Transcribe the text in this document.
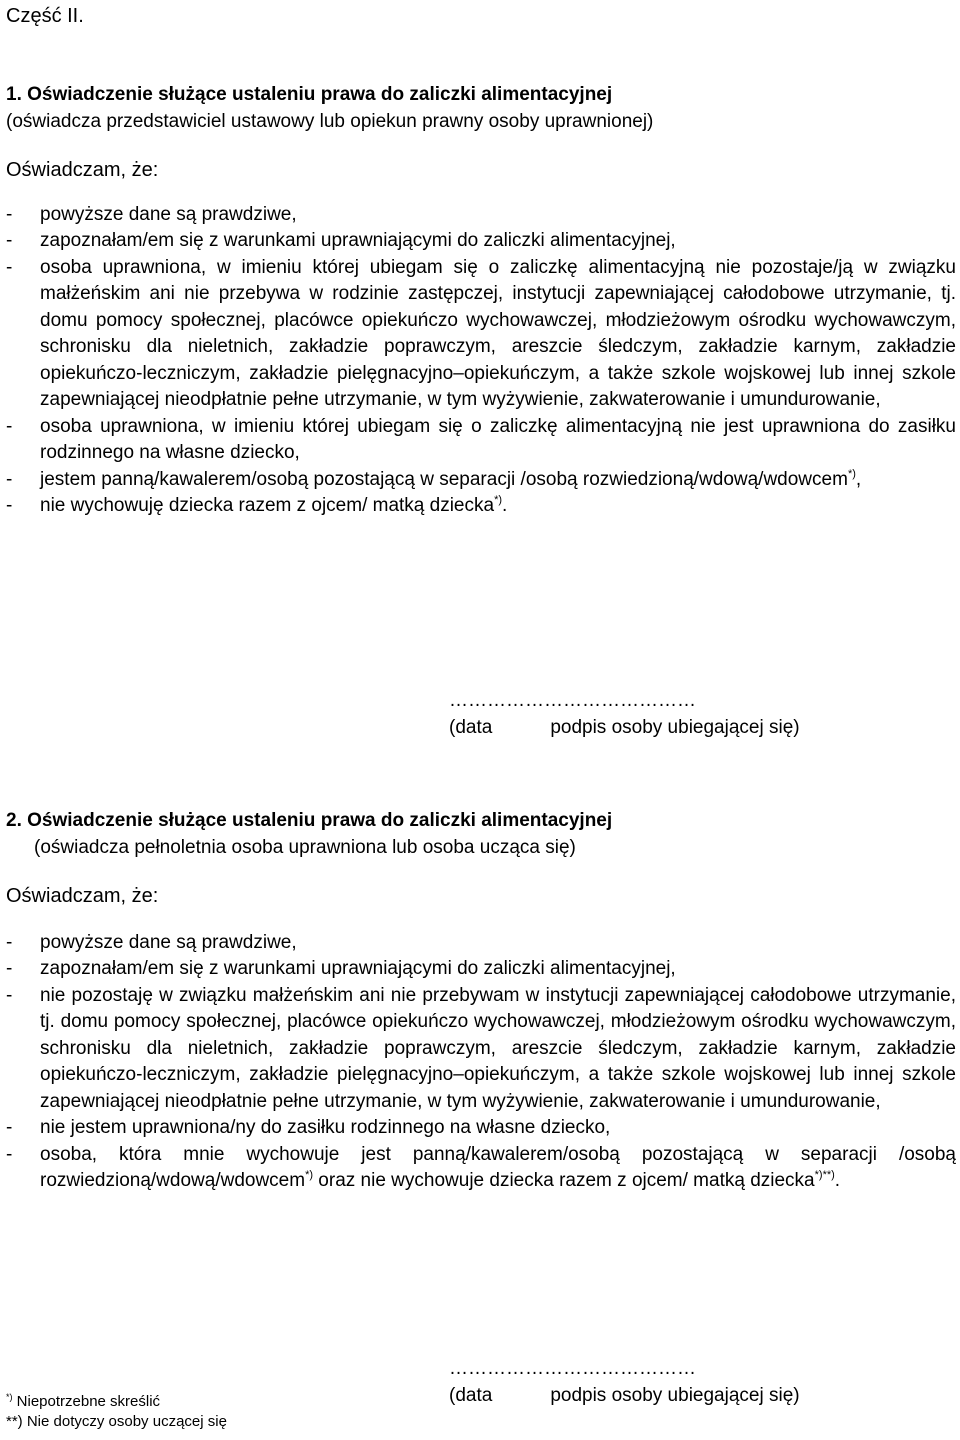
Część II.

1. Oświadczenie służące ustaleniu prawa do zaliczki alimentacyjnej

(oświadcza przedstawiciel ustawowy lub opiekun prawny osoby uprawnionej)

Oświadczam, że:

- powyższe dane są prawdziwe,
- zapoznałam/em się z warunkami uprawniającymi do zaliczki alimentacyjnej,
- osoba uprawniona, w imieniu której ubiegam się o zaliczkę alimentacyjną nie pozostaje/ją w związku małżeńskim ani nie przebywa w rodzinie zastępczej, instytucji zapewniającej całodobowe utrzymanie, tj. domu pomocy społecznej, placówce opiekuńczo wychowawczej, młodzieżowym ośrodku wychowawczym, schronisku dla nieletnich, zakładzie poprawczym, areszcie śledczym, zakładzie karnym, zakładzie opiekuńczo-leczniczym, zakładzie pielęgnacyjno–opiekuńczym, a także szkole wojskowej lub innej szkole zapewniającej nieodpłatnie pełne utrzymanie, w tym wyżywienie, zakwaterowanie i umundurowanie,
- osoba uprawniona, w imieniu której ubiegam się o zaliczkę alimentacyjną nie jest uprawniona do zasiłku rodzinnego na własne dziecko,
- jestem panną/kawalerem/osobą pozostającą w separacji /osobą rozwiedzioną/wdową/wdowcem*),
- nie wychowuję dziecka razem z ojcem/ matką dziecka*).
…………………………………
(data	podpis osoby ubiegającej się)

2. Oświadczenie służące ustaleniu prawa do zaliczki alimentacyjnej

(oświadcza pełnoletnia osoba uprawniona lub osoba ucząca się)

Oświadczam, że:

- powyższe dane są prawdziwe,
- zapoznałam/em się z warunkami uprawniającymi do zaliczki alimentacyjnej,
- nie pozostaję w związku małżeńskim ani nie przebywam w instytucji zapewniającej całodobowe utrzymanie, tj. domu pomocy społecznej, placówce opiekuńczo wychowawczej, młodzieżowym ośrodku wychowawczym, schronisku dla nieletnich, zakładzie poprawczym, areszcie śledczym, zakładzie karnym, zakładzie opiekuńczo-leczniczym, zakładzie pielęgnacyjno–opiekuńczym, a także szkole wojskowej lub innej szkole zapewniającej nieodpłatnie pełne utrzymanie, w tym wyżywienie, zakwaterowanie i umundurowanie,
- nie jestem uprawniona/ny do zasiłku rodzinnego na własne dziecko,
- osoba, która mnie wychowuje jest panną/kawalerem/osobą pozostającą w separacji /osobą rozwiedzioną/wdową/wdowcem*) oraz nie wychowuje dziecka razem z ojcem/ matką dziecka*)**).
…………………………………
(data	podpis osoby ubiegającej się)
*) Niepotrzebne skreślić
**) Nie dotyczy osoby uczącej się
